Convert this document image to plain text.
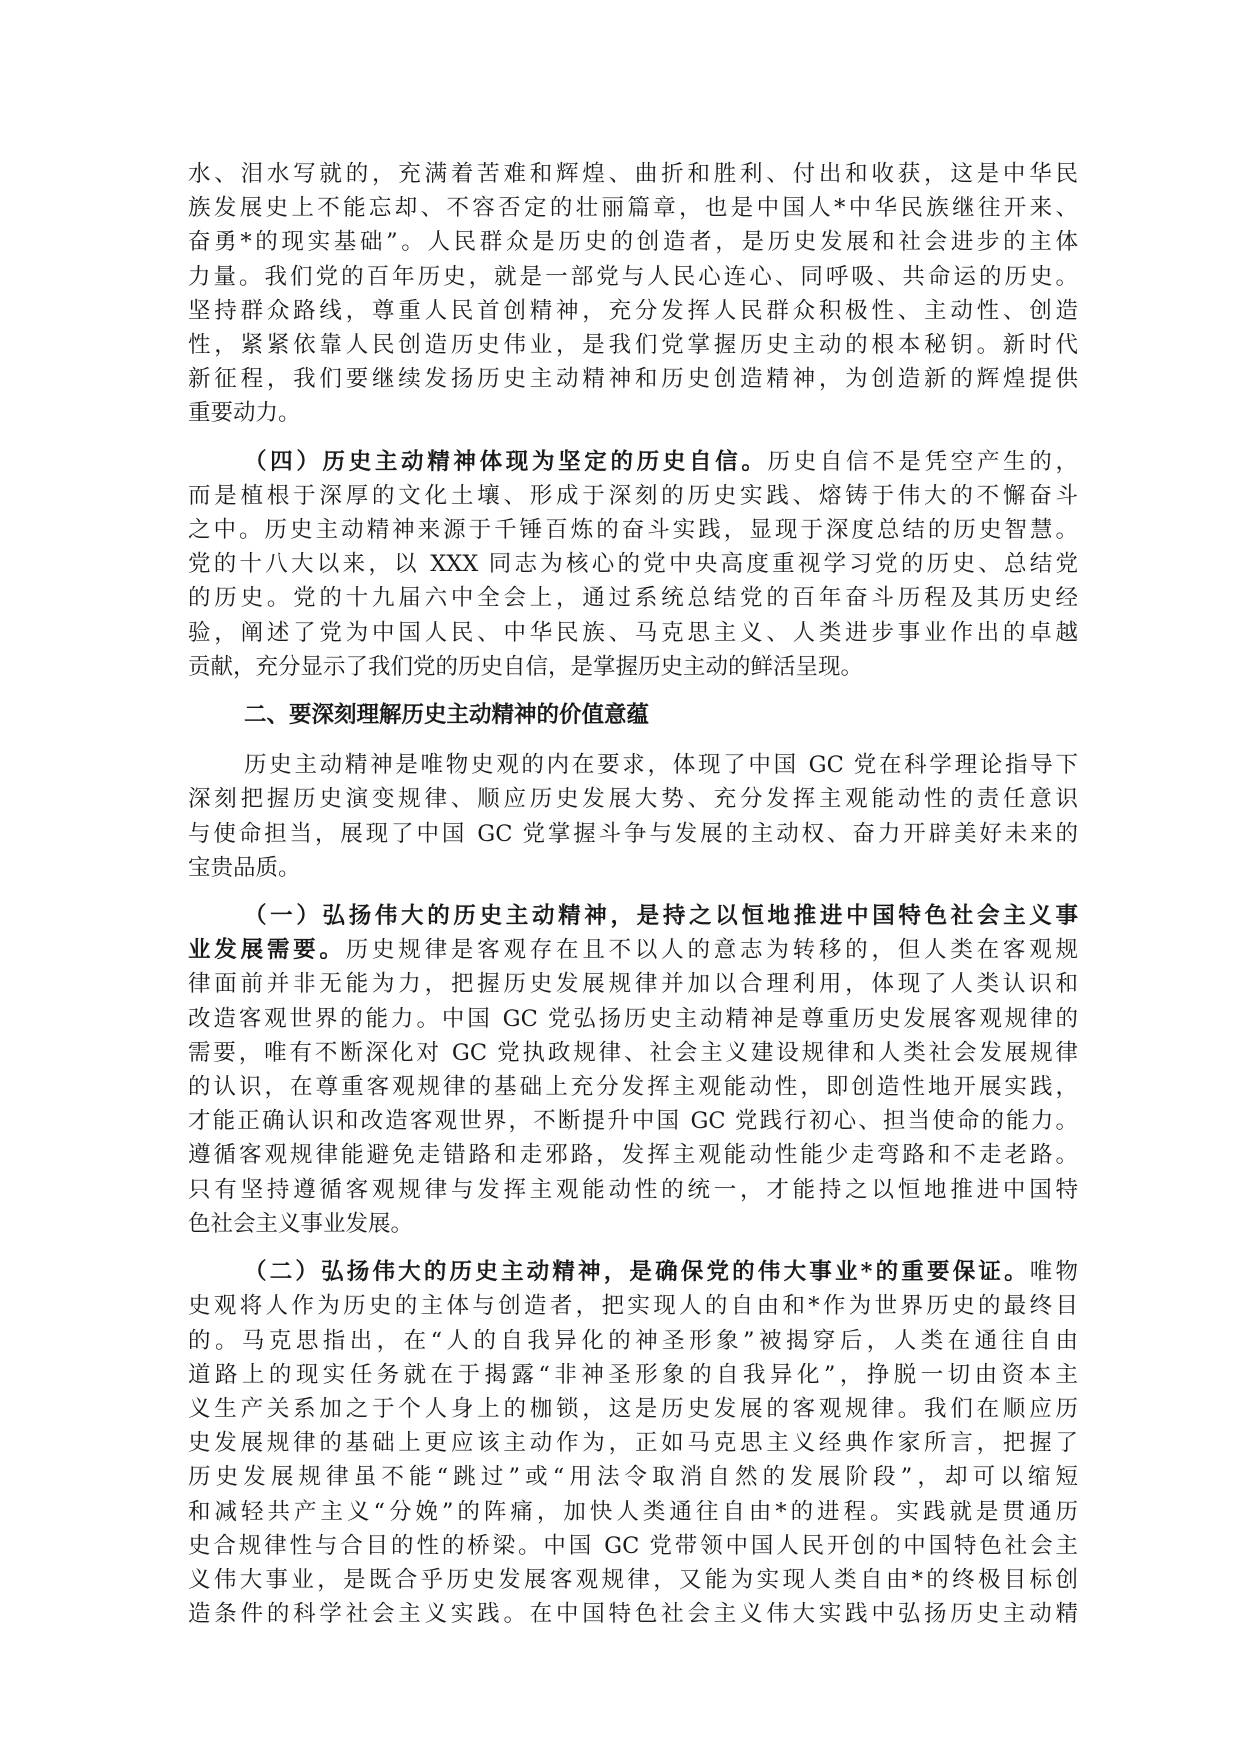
水、泪水写就的，充满着苦难和辉煌、曲折和胜利、付出和收获，这是中华民
族发展史上不能忘却、不容否定的壮丽篇章，也是中国人*中华民族继往开来、
奋勇*的现实基础”。人民群众是历史的创造者，是历史发展和社会进步的主体
力量。我们党的百年历史，就是一部党与人民心连心、同呼吸、共命运的历史。
坚持群众路线，尊重人民首创精神，充分发挥人民群众积极性、主动性、创造
性，紧紧依靠人民创造历史伟业，是我们党掌握历史主动的根本秘钥。新时代
新征程，我们要继续发扬历史主动精神和历史创造精神，为创造新的辉煌提供
重要动力。
（四）历史主动精神体现为坚定的历史自信。历史自信不是凭空产生的，
而是植根于深厚的文化土壤、形成于深刻的历史实践、熔铸于伟大的不懈奋斗
之中。历史主动精神来源于千锤百炼的奋斗实践，显现于深度总结的历史智慧。
党的十八大以来，以 XXX 同志为核心的党中央高度重视学习党的历史、总结党
的历史。党的十九届六中全会上，通过系统总结党的百年奋斗历程及其历史经
验，阐述了党为中国人民、中华民族、马克思主义、人类进步事业作出的卓越
贡献，充分显示了我们党的历史自信，是掌握历史主动的鲜活呈现。
二、要深刻理解历史主动精神的价值意蕴
历史主动精神是唯物史观的内在要求，体现了中国 GC 党在科学理论指导下
深刻把握历史演变规律、顺应历史发展大势、充分发挥主观能动性的责任意识
与使命担当，展现了中国 GC 党掌握斗争与发展的主动权、奋力开辟美好未来的
宝贵品质。
（一）弘扬伟大的历史主动精神，是持之以恒地推进中国特色社会主义事
业发展需要。历史规律是客观存在且不以人的意志为转移的，但人类在客观规
律面前并非无能为力，把握历史发展规律并加以合理利用，体现了人类认识和
改造客观世界的能力。中国 GC 党弘扬历史主动精神是尊重历史发展客观规律的
需要，唯有不断深化对 GC 党执政规律、社会主义建设规律和人类社会发展规律
的认识，在尊重客观规律的基础上充分发挥主观能动性，即创造性地开展实践，
才能正确认识和改造客观世界，不断提升中国 GC 党践行初心、担当使命的能力。
遵循客观规律能避免走错路和走邪路，发挥主观能动性能少走弯路和不走老路。
只有坚持遵循客观规律与发挥主观能动性的统一，才能持之以恒地推进中国特
色社会主义事业发展。
（二）弘扬伟大的历史主动精神，是确保党的伟大事业*的重要保证。唯物
史观将人作为历史的主体与创造者，把实现人的自由和*作为世界历史的最终目
的。马克思指出，在“人的自我异化的神圣形象”被揭穿后，人类在通往自由
道路上的现实任务就在于揭露“非神圣形象的自我异化”，挣脱一切由资本主
义生产关系加之于个人身上的枷锁，这是历史发展的客观规律。我们在顺应历
史发展规律的基础上更应该主动作为，正如马克思主义经典作家所言，把握了
历史发展规律虽不能“跳过”或“用法令取消自然的发展阶段”，却可以缩短
和减轻共产主义“分娩”的阵痛，加快人类通往自由*的进程。实践就是贯通历
史合规律性与合目的性的桥梁。中国 GC 党带领中国人民开创的中国特色社会主
义伟大事业，是既合乎历史发展客观规律，又能为实现人类自由*的终极目标创
造条件的科学社会主义实践。在中国特色社会主义伟大实践中弘扬历史主动精
